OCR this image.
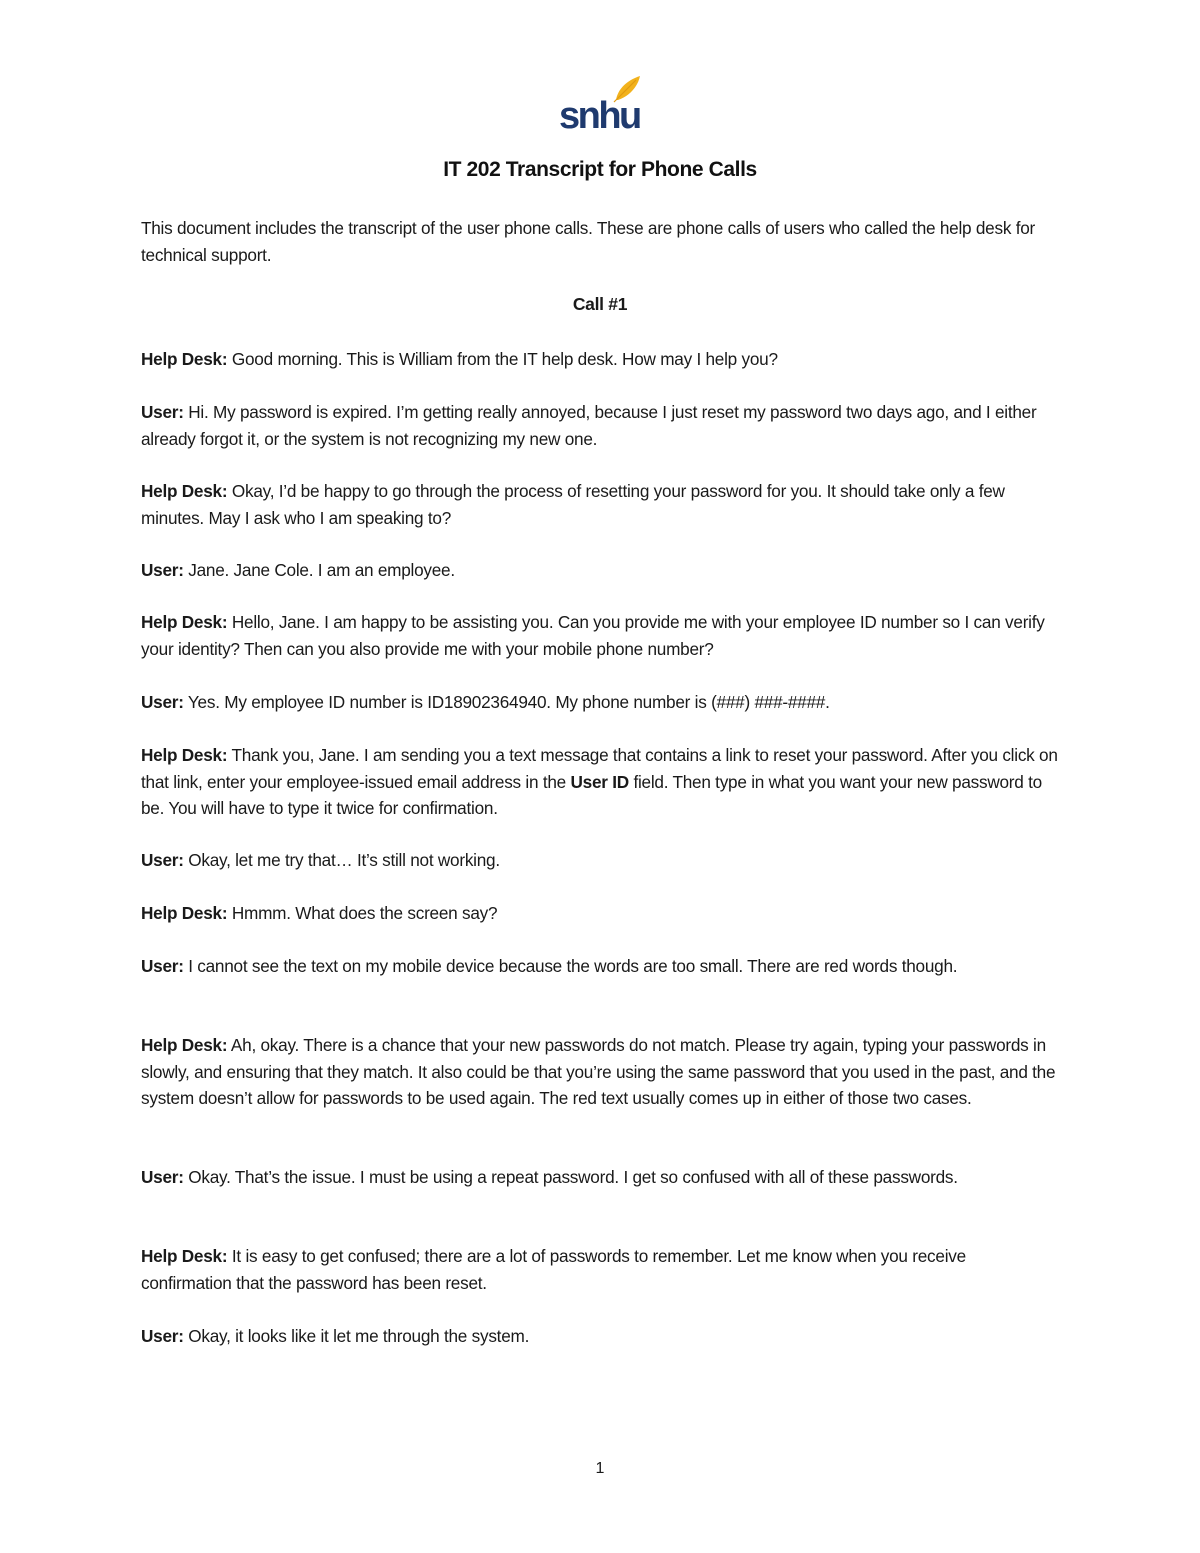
snhu
IT 202 Transcript for Phone Calls
This document includes the transcript of the user phone calls. These are phone calls of users who called the help desk for technical support.
Call #1
Help Desk: Good morning. This is William from the IT help desk. How may I help you?
User: Hi. My password is expired. I’m getting really annoyed, because I just reset my password two days ago, and I either already forgot it, or the system is not recognizing my new one.
Help Desk: Okay, I’d be happy to go through the process of resetting your password for you. It should take only a few minutes. May I ask who I am speaking to?
User: Jane. Jane Cole. I am an employee.
Help Desk: Hello, Jane. I am happy to be assisting you. Can you provide me with your employee ID number so I can verify your identity? Then can you also provide me with your mobile phone number?
User: Yes. My employee ID number is ID18902364940. My phone number is (###) ###-####.
Help Desk: Thank you, Jane. I am sending you a text message that contains a link to reset your password. After you click on that link, enter your employee-issued email address in the User ID field. Then type in what you want your new password to be. You will have to type it twice for confirmation.
User: Okay, let me try that… It’s still not working.
Help Desk: Hmmm. What does the screen say?
User: I cannot see the text on my mobile device because the words are too small. There are red words though.
Help Desk: Ah, okay. There is a chance that your new passwords do not match. Please try again, typing your passwords in slowly, and ensuring that they match. It also could be that you’re using the same password that you used in the past, and the system doesn’t allow for passwords to be used again. The red text usually comes up in either of those two cases.
User: Okay. That’s the issue. I must be using a repeat password. I get so confused with all of these passwords.
Help Desk: It is easy to get confused; there are a lot of passwords to remember. Let me know when you receive confirmation that the password has been reset.
User: Okay, it looks like it let me through the system.
1
